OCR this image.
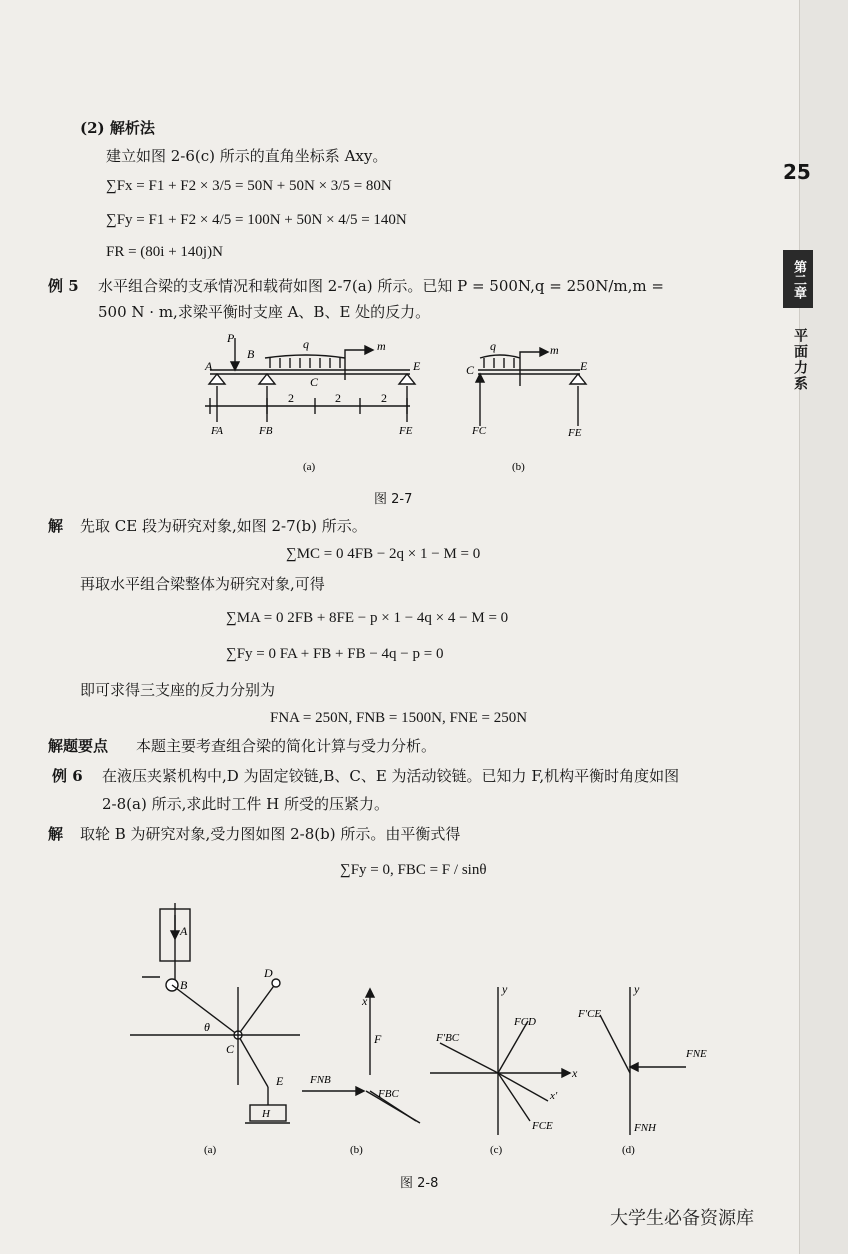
25
第二章
平面力系
(2) 解析法
建立如图 2-6(c) 所示的直角坐标系 Axy。
∑Fx = F1 + F2 × 3/5 = 50N + 50N × 3/5 = 80N
∑Fy = F1 + F2 × 4/5 = 100N + 50N × 4/5 = 140N
FR = (80i + 140j)N
例 5 水平组合梁的支承情况和载荷如图 2-7(a) 所示。已知 P = 500N,q = 250N/m,m =
500 N · m,求梁平衡时支座 A、B、E 处的反力。
A
P
B
q	m
C
E
2	2	2
FA	FB	FE
(a)
C
q	m
E
FC	FE
(b)
图 2-7
解 先取 CE 段为研究对象,如图 2-7(b) 所示。
∑MC = 0 4FB − 2q × 1 − M = 0
再取水平组合梁整体为研究对象,可得
∑MA = 0 2FB + 8FE − p × 1 − 4q × 4 − M = 0
∑Fy = 0 FA + FB + FB − 4q − p = 0
即可求得三支座的反力分别为
FNA = 250N, FNB = 1500N, FNE = 250N
解题要点 本题主要考查组合梁的简化计算与受力分析。
例 6 在液压夹紧机构中,D 为固定铰链,B、C、E 为活动铰链。已知力 F,机构平衡时角度如图
2-8(a) 所示,求此时工件 H 所受的压紧力。
解 取轮 B 为研究对象,受力图如图 2-8(b) 所示。由平衡式得
∑Fy = 0, FBC = F / sinθ
A
B
C
D
E
H
θ
x
F
FNB
FBC
F'BC
FCD
FCE
x'
x
y
F'CE
FNE
FNH
y
(a)	(b)	(c)	(d)
图 2-8
大学生必备资源库
